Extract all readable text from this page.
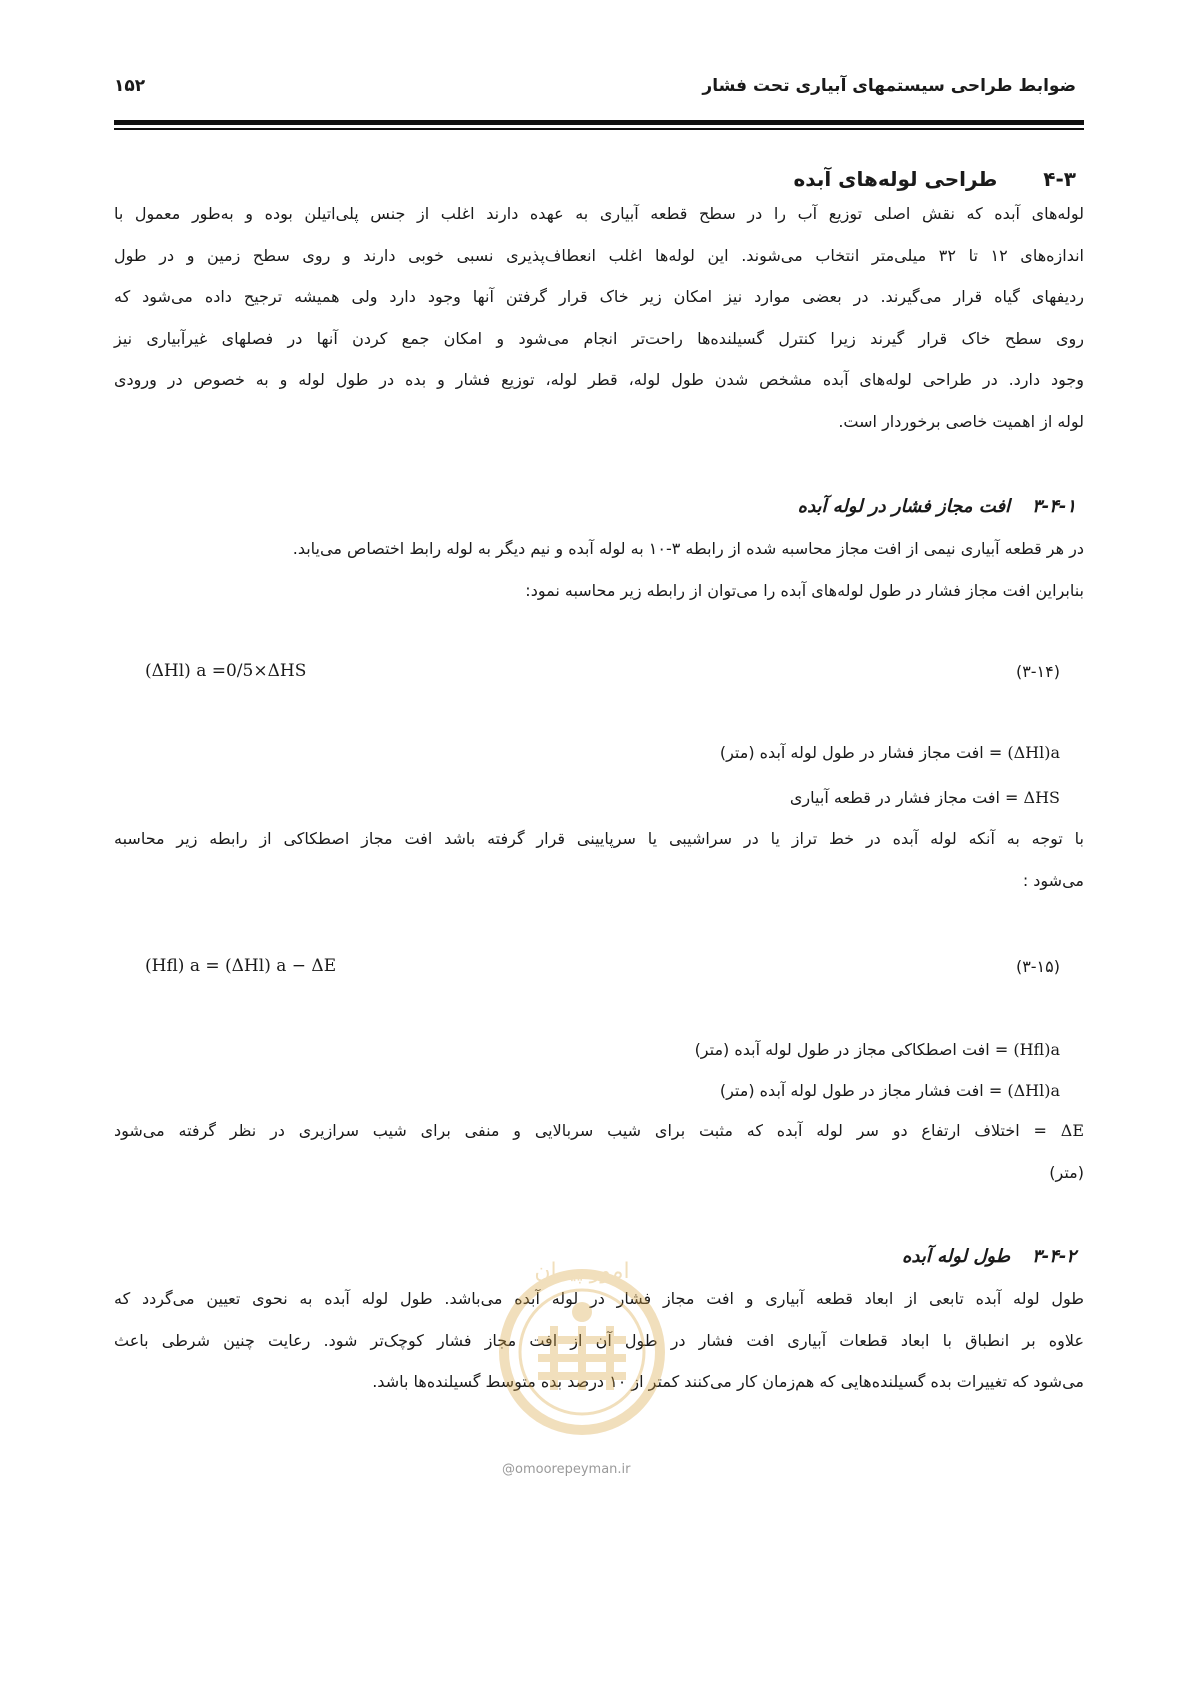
۱۵۲	ضوابط طراحی سیستمهای آبیاری تحت فشار
۴-۳طراحی لوله‌های آبده
لوله‌های آبده که نقش اصلی توزیع آب را در سطح قطعه آبیاری به عهده دارند اغلب از جنس پلی‌اتیلن بوده و به‌طور معمول با
اندازه‌های ۱۲ تا ۳۲ میلی‌متر انتخاب می‌شوند. این لوله‌ها اغلب انعطاف‌پذیری نسبی خوبی دارند و روی سطح زمین و در طول
ردیفهای گیاه قرار می‌گیرند. در بعضی موارد نیز امکان زیر خاک قرار گرفتن آنها وجود دارد ولی همیشه ترجیح داده می‌شود که
روی سطح خاک قرار گیرند زیرا کنترل گسیلنده‌ها راحت‌تر انجام می‌شود و امکان جمع کردن آنها در فصلهای غیرآبیاری نیز
وجود دارد. در طراحی لوله‌های آبده مشخص شدن طول لوله، قطر لوله، توزیع فشار و بده در طول لوله و به خصوص در ورودی
لوله از اهمیت خاصی برخوردار است.
۳-۴-۱افت مجاز فشار در لوله آبده
در هر قطعه آبیاری نیمی از افت مجاز محاسبه شده از رابطه ۳-۱۰ به لوله آبده و نیم دیگر به لوله رابط اختصاص می‌یابد.
بنابراین افت مجاز فشار در طول لوله‌های آبده را می‌توان از رابطه زیر محاسبه نمود:
(ΔHl) a =0/5×ΔHS	(۳-۱۴)
(ΔHl)a = افت مجاز فشار در طول لوله آبده (متر)
ΔHS = افت مجاز فشار در قطعه آبیاری
با توجه به آنکه لوله آبده در خط تراز یا در سراشیبی یا سرپایینی قرار گرفته باشد افت مجاز اصطکاکی از رابطه زیر محاسبه
می‌شود :
(Hfl) a = (ΔHl) a − ΔE	(۳-۱۵)
(Hfl)a = افت اصطکاکی مجاز در طول لوله آبده (متر)
(ΔHl)a = افت فشار مجاز در طول لوله آبده (متر)
ΔE = اختلاف ارتفاع دو سر لوله آبده که مثبت برای شیب سربالایی و منفی برای شیب سرازیری در نظر گرفته می‌شود
(متر)
۳-۴-۲طول لوله آبده
طول لوله آبده تابعی از ابعاد قطعه آبیاری و افت مجاز فشار در لوله آبده می‌باشد. طول لوله آبده به نحوی تعیین می‌گردد که
علاوه بر انطباق با ابعاد قطعات آبیاری افت فشار در طول آن از افت مجاز فشار کوچک‌تر شود. رعایت چنین شرطی باعث
می‌شود که تغییرات بده گسیلنده‌هایی که هم‌زمان کار می‌کنند کمتر از ۱۰ درصد بده متوسط گسیلنده‌ها باشد.
امور پیمان
@omoorepeyman.ir
